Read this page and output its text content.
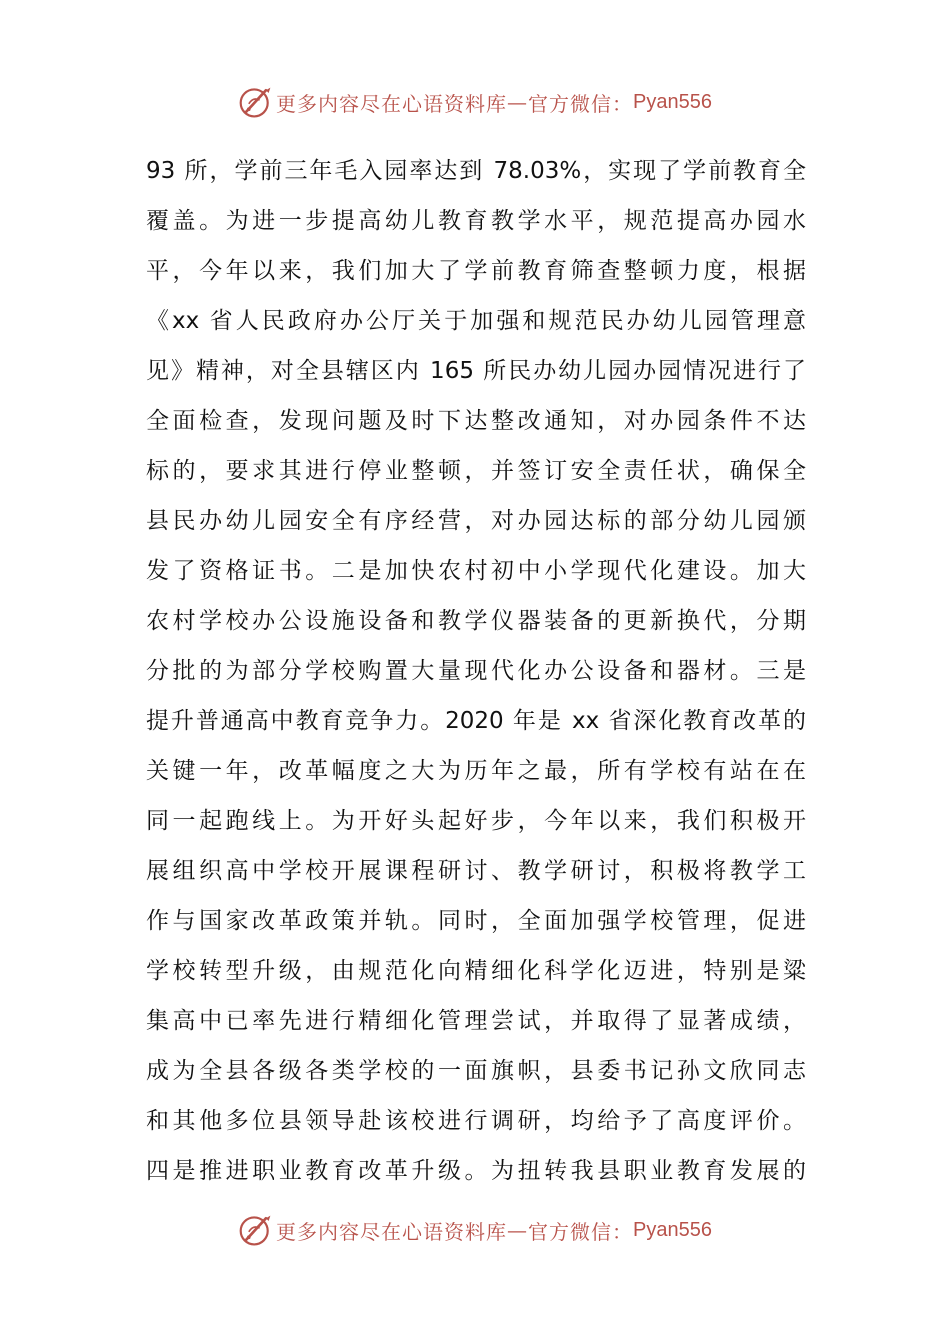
更多内容尽在心语资料库 — 官方微信： Pyan556
93 所，学前三年毛入园率达到 78.03%，实现了学前教育全
覆盖。为进一步提高幼儿教育教学水平，规范提高办园水
平，今年以来，我们加大了学前教育筛查整顿力度，根据
《xx 省人民政府办公厅关于加强和规范民办幼儿园管理意
见》精神，对全县辖区内 165 所民办幼儿园办园情况进行了
全面检查，发现问题及时下达整改通知，对办园条件不达
标的，要求其进行停业整顿，并签订安全责任状，确保全
县民办幼儿园安全有序经营，对办园达标的部分幼儿园颁
发了资格证书。二是加快农村初中小学现代化建设。加大
农村学校办公设施设备和教学仪器装备的更新换代，分期
分批的为部分学校购置大量现代化办公设备和器材。三是
提升普通高中教育竞争力。2020 年是 xx 省深化教育改革的
关键一年，改革幅度之大为历年之最，所有学校有站在在
同一起跑线上。为开好头起好步，今年以来，我们积极开
展组织高中学校开展课程研讨、教学研讨，积极将教学工
作与国家改革政策并轨。同时，全面加强学校管理，促进
学校转型升级，由规范化向精细化科学化迈进，特别是粱
集高中已率先进行精细化管理尝试，并取得了显著成绩，
成为全县各级各类学校的一面旗帜，县委书记孙文欣同志
和其他多位县领导赴该校进行调研，均给予了高度评价。
四是推进职业教育改革升级。为扭转我县职业教育发展的
更多内容尽在心语资料库 — 官方微信： Pyan556
